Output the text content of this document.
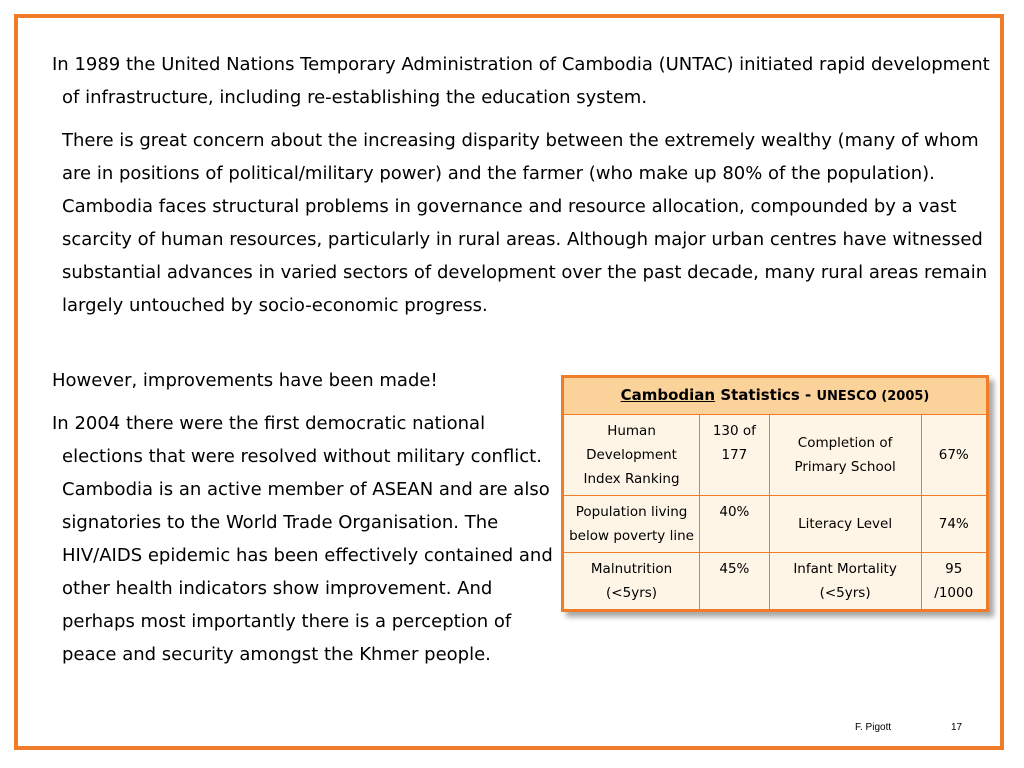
In 1989 the United Nations Temporary Administration of Cambodia (UNTAC) initiated rapid development of infrastructure, including re-establishing the education system.

There is great concern about the increasing disparity between the extremely wealthy (many of whom are in positions of political/military power) and the farmer (who make up 80% of the population). Cambodia faces structural problems in governance and resource allocation, compounded by a vast scarcity of human resources, particularly in rural areas. Although major urban centres have witnessed substantial advances in varied sectors of development over the past decade, many rural areas remain largely untouched by socio-economic progress.

However, improvements have been made!

In 2004 there were the first democratic national elections that were resolved without military conflict. Cambodia is an active member of ASEAN and are also signatories to the World Trade Organisation. The HIV/AIDS epidemic has been effectively contained and other health indicators show improvement. And perhaps most importantly there is a perception of peace and security amongst the Khmer people.

Cambodian Statistics - UNESCO (2005)			
Human Development Index Ranking	130 of 177	Completion of Primary School	67%
Population living below poverty line	40%	Literacy Level	74%
Malnutrition (<5yrs)	45%	Infant Mortality (<5yrs)	95 /1000
F. Pigott	17
